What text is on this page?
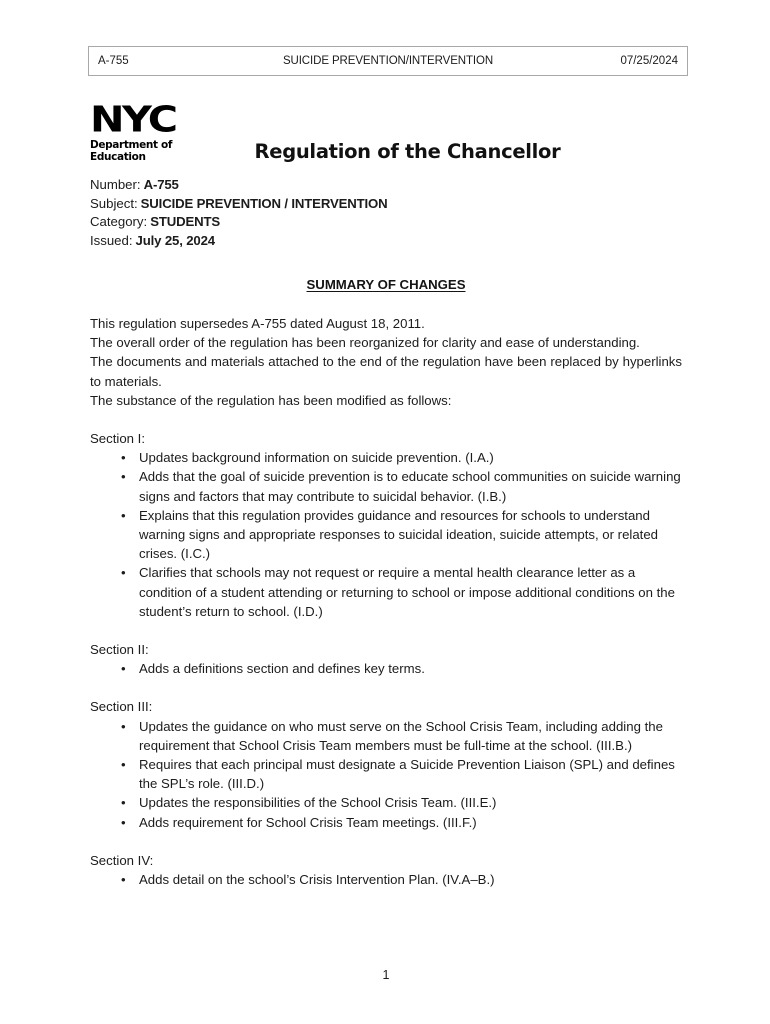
A-755	SUICIDE PREVENTION/INTERVENTION	07/25/2024
NYC
Department of
Education	Regulation of the Chancellor
Number: A-755
Subject: SUICIDE PREVENTION / INTERVENTION
Category: STUDENTS
Issued: July 25, 2024
SUMMARY OF CHANGES
This regulation supersedes A-755 dated August 18, 2011.
The overall order of the regulation has been reorganized for clarity and ease of understanding.
The documents and materials attached to the end of the regulation have been replaced by hyperlinks to materials.
The substance of the regulation has been modified as follows:

Section I:

• Updates background information on suicide prevention. (I.A.)
• Adds that the goal of suicide prevention is to educate school communities on suicide warning signs and factors that may contribute to suicidal behavior. (I.B.)
• Explains that this regulation provides guidance and resources for schools to understand warning signs and appropriate responses to suicidal ideation, suicide attempts, or related crises. (I.C.)
• Clarifies that schools may not request or require a mental health clearance letter as a condition of a student attending or returning to school or impose additional conditions on the student’s return to school. (I.D.)

Section II:

• Adds a definitions section and defines key terms.

Section III:

• Updates the guidance on who must serve on the School Crisis Team, including adding the requirement that School Crisis Team members must be full-time at the school. (III.B.)
• Requires that each principal must designate a Suicide Prevention Liaison (SPL) and defines the SPL’s role. (III.D.)
• Updates the responsibilities of the School Crisis Team. (III.E.)
• Adds requirement for School Crisis Team meetings. (III.F.)

Section IV:

• Adds detail on the school’s Crisis Intervention Plan. (IV.A–B.)
1
